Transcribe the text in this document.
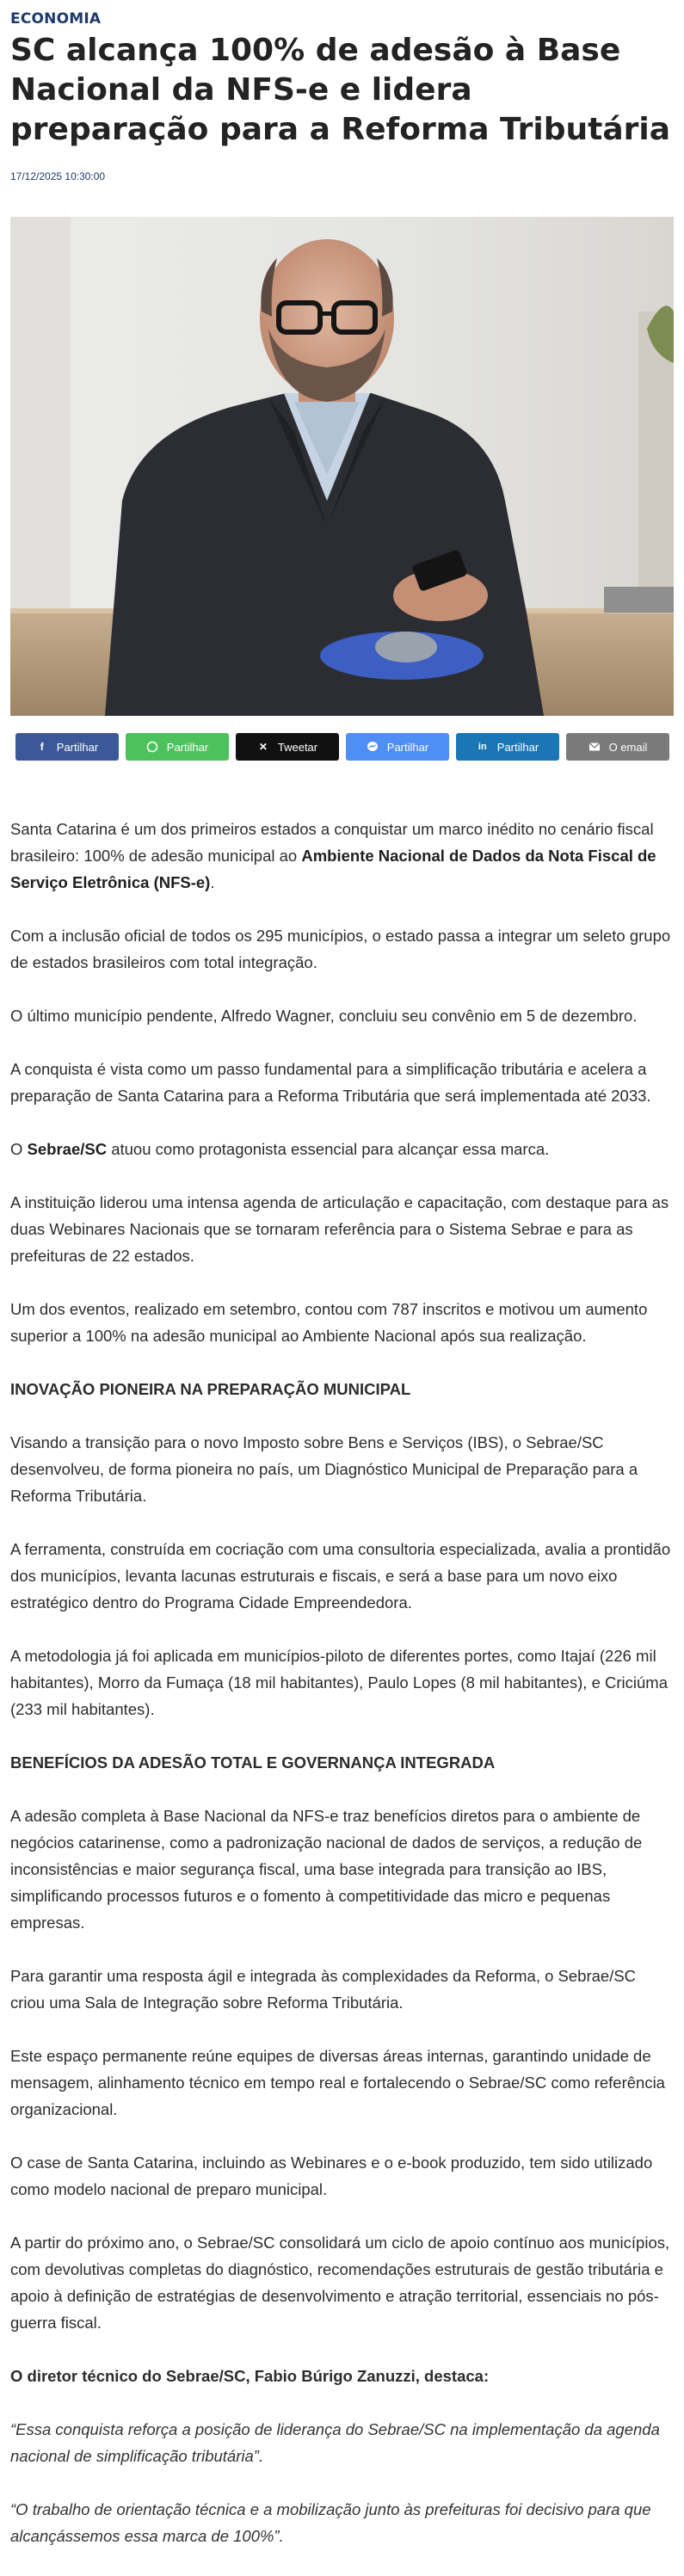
ECONOMIA
SC alcança 100% de adesão à Base Nacional da NFS-e e lidera preparação para a Reforma Tributária
17/12/2025 10:30:00
f	Partilhar	Partilhar	✕ Tweetar	Partilhar	in Partilhar	O email

Santa Catarina é um dos primeiros estados a conquistar um marco inédito no cenário fiscal brasileiro: 100% de adesão municipal ao Ambiente Nacional de Dados da Nota Fiscal de Serviço Eletrônica (NFS-e).

Com a inclusão oficial de todos os 295 municípios, o estado passa a integrar um seleto grupo de estados brasileiros com total integração.

O último município pendente, Alfredo Wagner, concluiu seu convênio em 5 de dezembro.

A conquista é vista como um passo fundamental para a simplificação tributária e acelera a preparação de Santa Catarina para a Reforma Tributária que será implementada até 2033.

O Sebrae/SC atuou como protagonista essencial para alcançar essa marca.

A instituição liderou uma intensa agenda de articulação e capacitação, com destaque para as duas Webinares Nacionais que se tornaram referência para o Sistema Sebrae e para as prefeituras de 22 estados.

Um dos eventos, realizado em setembro, contou com 787 inscritos e motivou um aumento superior a 100% na adesão municipal ao Ambiente Nacional após sua realização.

INOVAÇÃO PIONEIRA NA PREPARAÇÃO MUNICIPAL

Visando a transição para o novo Imposto sobre Bens e Serviços (IBS), o Sebrae/SC desenvolveu, de forma pioneira no país, um Diagnóstico Municipal de Preparação para a Reforma Tributária.

A ferramenta, construída em cocriação com uma consultoria especializada, avalia a prontidão dos municípios, levanta lacunas estruturais e fiscais, e será a base para um novo eixo estratégico dentro do Programa Cidade Empreendedora.

A metodologia já foi aplicada em municípios-piloto de diferentes portes, como Itajaí (226 mil habitantes), Morro da Fumaça (18 mil habitantes), Paulo Lopes (8 mil habitantes), e Criciúma (233 mil habitantes).

BENEFÍCIOS DA ADESÃO TOTAL E GOVERNANÇA INTEGRADA

A adesão completa à Base Nacional da NFS-e traz benefícios diretos para o ambiente de negócios catarinense, como a padronização nacional de dados de serviços, a redução de inconsistências e maior segurança fiscal, uma base integrada para transição ao IBS, simplificando processos futuros e o fomento à competitividade das micro e pequenas empresas.

Para garantir uma resposta ágil e integrada às complexidades da Reforma, o Sebrae/SC criou uma Sala de Integração sobre Reforma Tributária.

Este espaço permanente reúne equipes de diversas áreas internas, garantindo unidade de mensagem, alinhamento técnico em tempo real e fortalecendo o Sebrae/SC como referência organizacional.

O case de Santa Catarina, incluindo as Webinares e o e-book produzido, tem sido utilizado como modelo nacional de preparo municipal.

A partir do próximo ano, o Sebrae/SC consolidará um ciclo de apoio contínuo aos municípios, com devolutivas completas do diagnóstico, recomendações estruturais de gestão tributária e apoio à definição de estratégias de desenvolvimento e atração territorial, essenciais no pós-guerra fiscal.

O diretor técnico do Sebrae/SC, Fabio Búrigo Zanuzzi, destaca:

“Essa conquista reforça a posição de liderança do Sebrae/SC na implementação da agenda nacional de simplificação tributária”.

“O trabalho de orientação técnica e a mobilização junto às prefeituras foi decisivo para que alcançássemos essa marca de 100%”.
